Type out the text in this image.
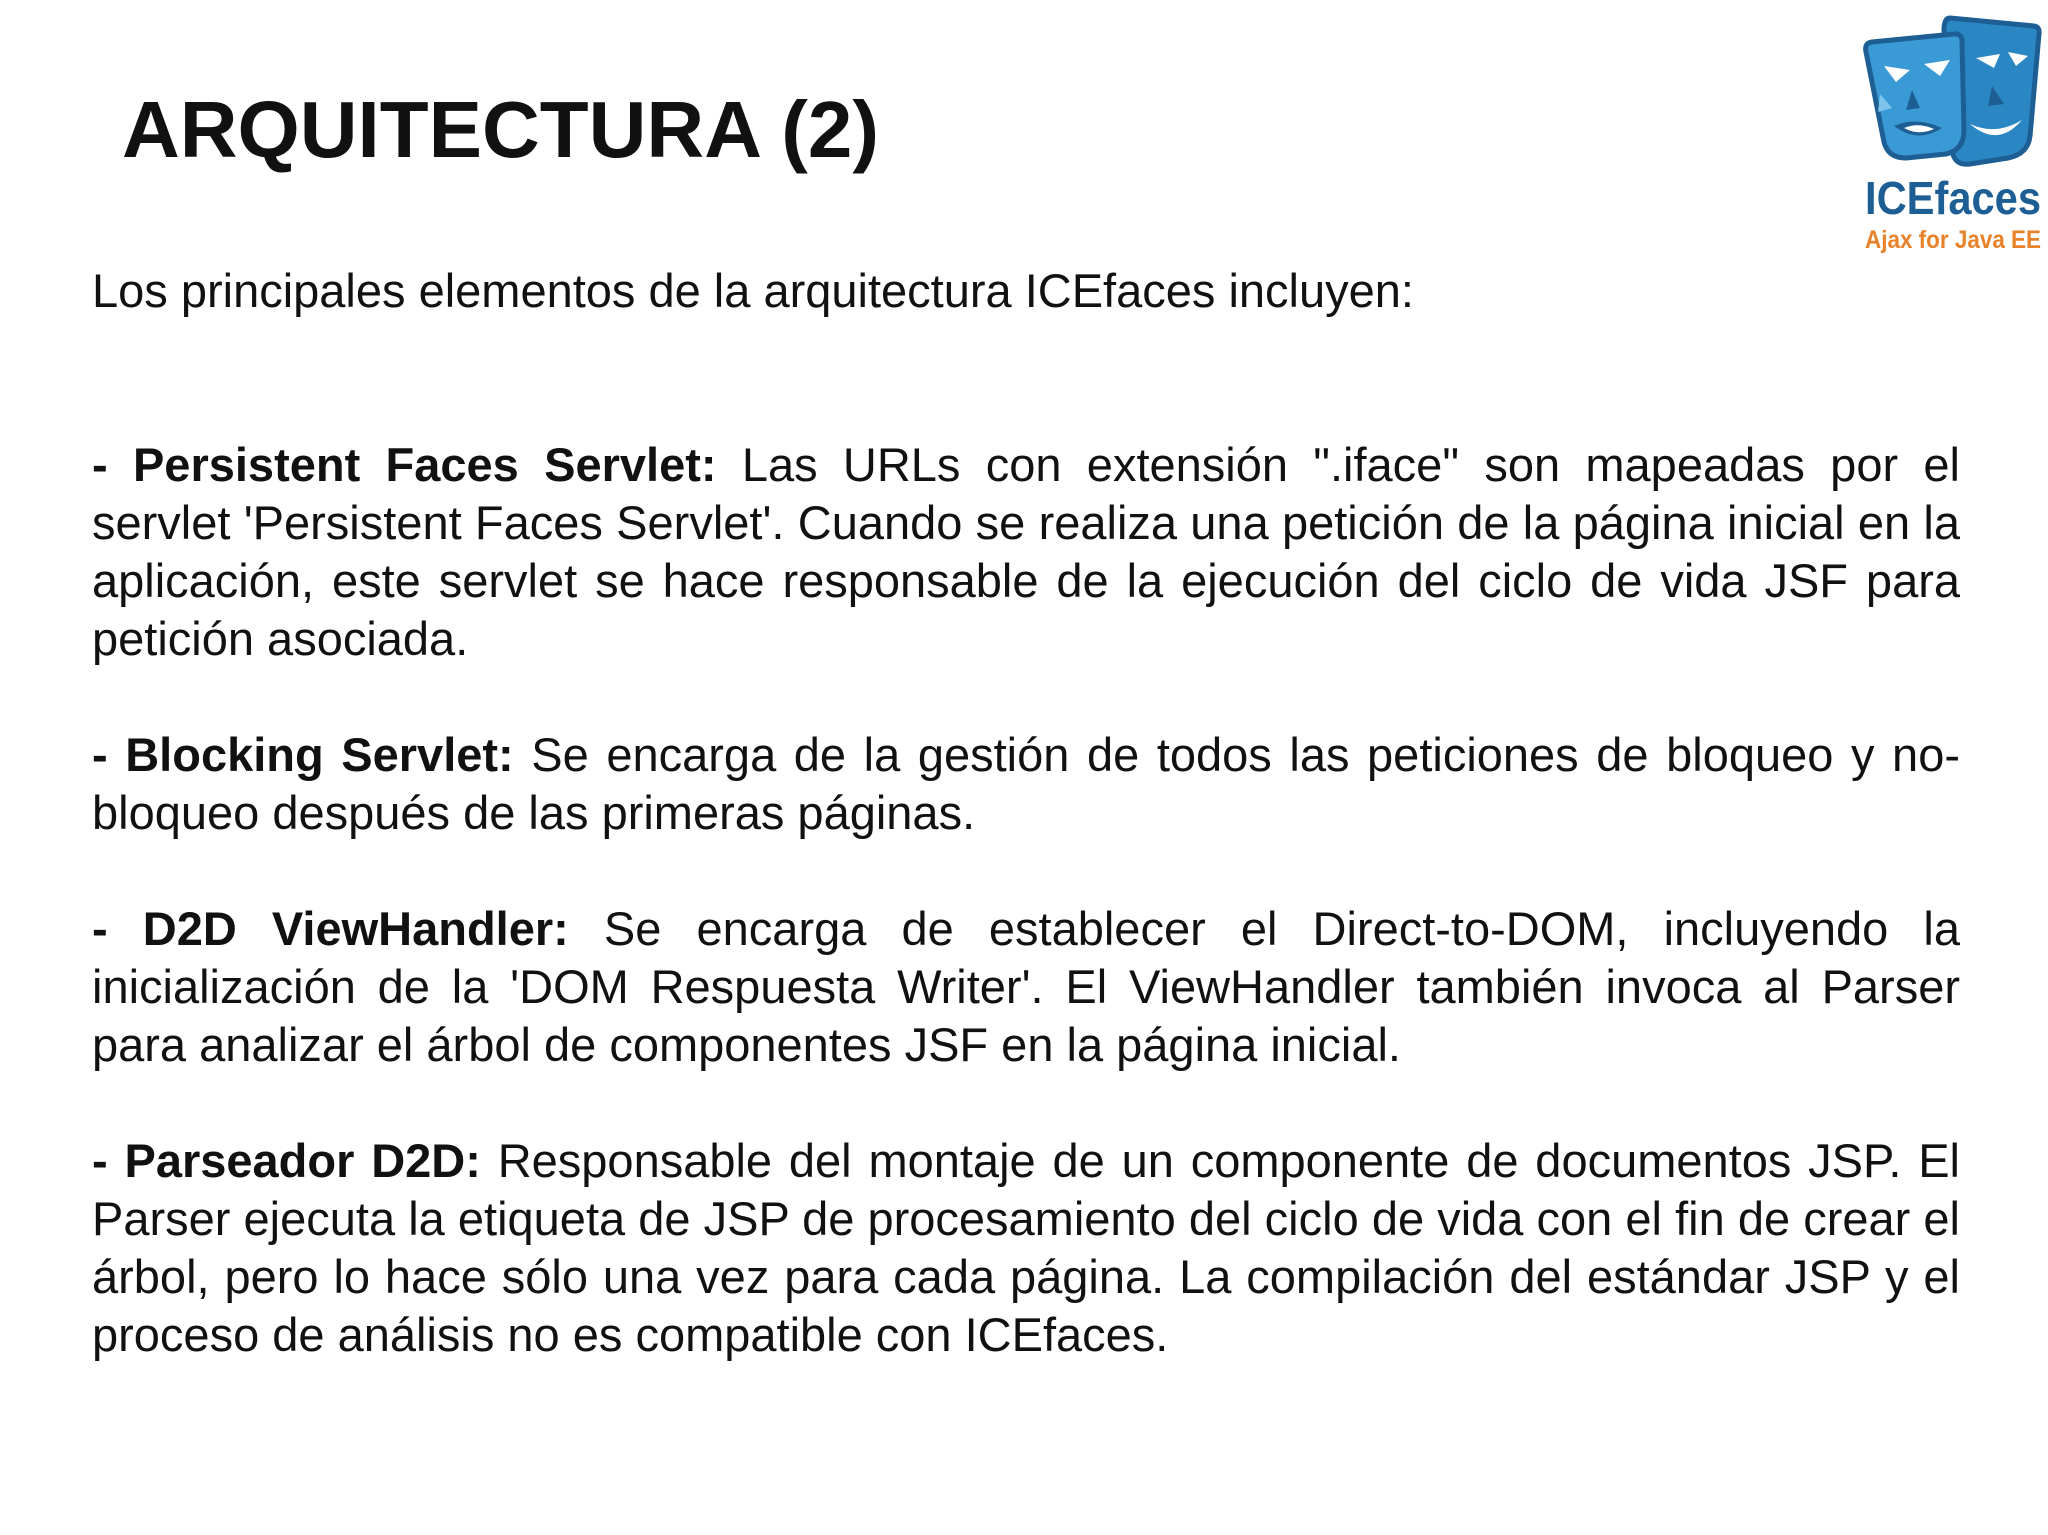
ARQUITECTURA (2)
ICEfaces
Ajax for Java EE

Los principales elementos de la arquitectura ICEfaces incluyen:

- Persistent Faces Servlet: Las URLs con extensión ".iface" son mapeadas por el servlet 'Persistent Faces Servlet'. Cuando se realiza una petición de la página inicial en la aplicación, este servlet se hace responsable de la ejecución del ciclo de vida JSF para petición asociada.

- Blocking Servlet: Se encarga de la gestión de todos las peticiones de bloqueo y no-bloqueo después de las primeras páginas.

- D2D ViewHandler: Se encarga de establecer el Direct-to-DOM, incluyendo la inicialización de la 'DOM Respuesta Writer'. El ViewHandler también invoca al Parser para analizar el árbol de componentes JSF en la página inicial.

- Parseador D2D: Responsable del montaje de un componente de documentos JSP. El Parser ejecuta la etiqueta de JSP de procesamiento del ciclo de vida con el fin de crear el árbol, pero lo hace sólo una vez para cada página. La compilación del estándar JSP y el proceso de análisis no es compatible con ICEfaces.
